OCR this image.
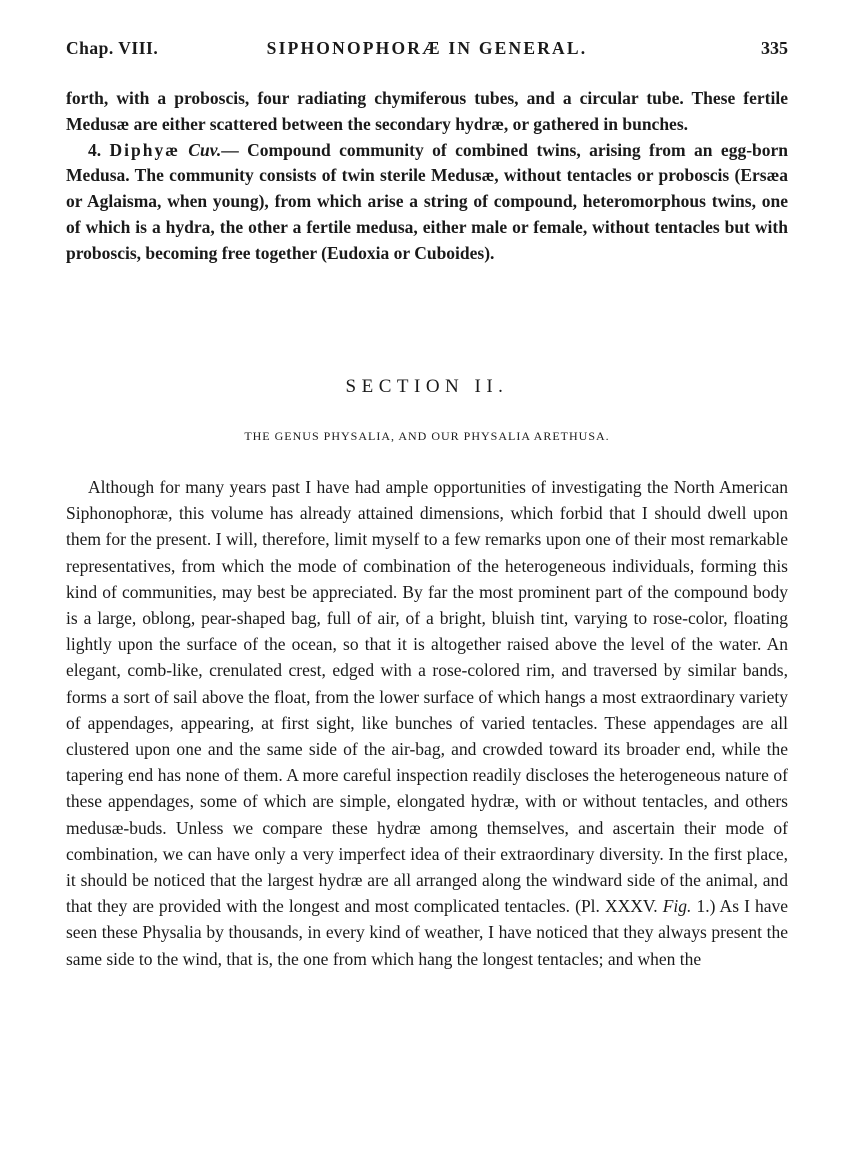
Chap. VIII.	SIPHONOPHORÆ IN GENERAL.	335

forth, with a proboscis, four radiating chymiferous tubes, and a circular tube. These fertile Medusæ are either scattered between the secondary hydræ, or gathered in bunches.

4. Diphyæ Cuv.— Compound community of combined twins, arising from an egg-born Medusa. The community consists of twin sterile Medusæ, without tentacles or proboscis (Ersæa or Aglaisma, when young), from which arise a string of compound, heteromorphous twins, one of which is a hydra, the other a fertile medusa, either male or female, without tentacles but with proboscis, becoming free together (Eudoxia or Cuboides).

SECTION II.
THE GENUS PHYSALIA, AND OUR PHYSALIA ARETHUSA.

Although for many years past I have had ample opportunities of investigating the North American Siphonophoræ, this volume has already attained dimensions, which forbid that I should dwell upon them for the present. I will, therefore, limit myself to a few remarks upon one of their most remarkable representatives, from which the mode of combination of the heterogeneous individuals, forming this kind of communities, may best be appreciated. By far the most prominent part of the compound body is a large, oblong, pear-shaped bag, full of air, of a bright, bluish tint, varying to rose-color, floating lightly upon the surface of the ocean, so that it is altogether raised above the level of the water. An elegant, comb-like, crenulated crest, edged with a rose-colored rim, and traversed by similar bands, forms a sort of sail above the float, from the lower surface of which hangs a most extraordinary variety of appendages, appearing, at first sight, like bunches of varied tentacles. These appendages are all clustered upon one and the same side of the air-bag, and crowded toward its broader end, while the tapering end has none of them. A more careful inspection readily discloses the heterogeneous nature of these appendages, some of which are simple, elongated hydræ, with or without tentacles, and others medusæ-buds. Unless we compare these hydræ among themselves, and ascertain their mode of combination, we can have only a very imperfect idea of their extraordinary diversity. In the first place, it should be noticed that the largest hydræ are all arranged along the windward side of the animal, and that they are provided with the longest and most complicated tentacles. (Pl. XXXV. Fig. 1.) As I have seen these Physalia by thousands, in every kind of weather, I have noticed that they always present the same side to the wind, that is, the one from which hang the longest tentacles; and when the
